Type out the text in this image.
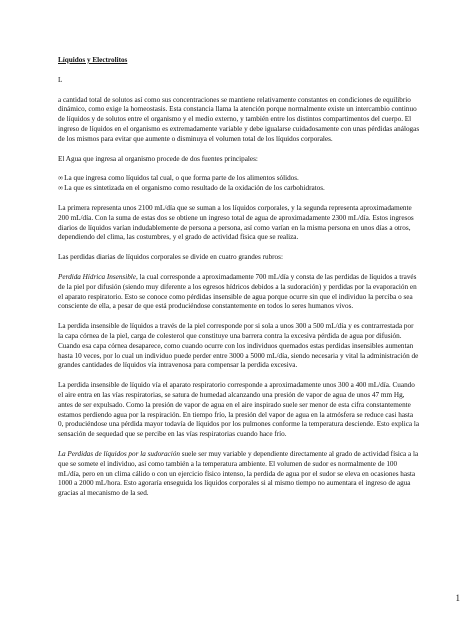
Líquidos y Electrolitos

L

a cantidad total de solutos así como sus concentraciones se mantiene relativamente constantes en condiciones de equilibrio dinámico, como exige la homeostasis. Esta constancia llama la atención porque normalmente existe un intercambio continuo de líquidos y de solutos entre el organismo y el medio externo, y también entre los distintos compartimentos del cuerpo. El ingreso de líquidos en el organismo es extremadamente variable y debe igualarse cuidadosamente con unas pérdidas análogas de los mismos para evitar que aumente o disminuya el volumen total de los líquidos corporales.

El Agua que ingresa al organismo procede de dos fuentes principales:

∞La que ingresa como líquidos tal cual, o que forma parte de los alimentos sólidos.
∞La que es sintetizada en el organismo como resultado de la oxidación de los carbohidratos.

La primera representa unos 2100 mL/día que se suman a los líquidos corporales, y la segunda representa aproximadamente 200 mL/día. Con la suma de estas dos se obtiene un ingreso total de agua de aproximadamente 2300 mL/día. Estos ingresos diarios de líquidos varían indudablemente de persona a persona, así como varían en la misma persona en unos días a otros, dependiendo del clima, las costumbres, y el grado de actividad física que se realiza.

Las perdidas diarias de líquidos corporales se divide en cuatro grandes rubros:

Perdida Hídrica Insensible, la cual corresponde a aproximadamente 700 mL/día y consta de las perdidas de líquidos a través de la piel por difusión (siendo muy diferente a los egresos hídricos debidos a la sudoración) y perdidas por la evaporación en el aparato respiratorio. Esto se conoce como pérdidas insensible de agua porque ocurre sin que el individuo la perciba o sea consciente de ella, a pesar de que está produciéndose constantemente en todos lo seres humanos vivos.

La perdida insensible de líquidos a través de la piel corresponde por si sola a unos 300 a 500 mL/día y es contrarrestada por la capa córnea de la piel, carga de colesterol que constituye una barrera contra la excesiva pérdida de agua por difusión. Cuando esa capa córnea desaparece, como cuando ocurre con los individuos quemados estas perdidas insensibles aumentan hasta 10 veces, por lo cual un individuo puede perder entre 3000 a 5000 mL/día, siendo necesaria y vital la administración de grandes cantidades de líquidos vía intravenosa para compensar la perdida excesiva.

La perdida insensible de líquido vía el aparato respiratorio corresponde a aproximadamente unos 300 a 400 mL/día. Cuando el aire entra en las vías respiratorias, se satura de humedad alcanzando una presión de vapor de agua de unos 47 mm Hg, antes de ser expulsado. Como la presión de vapor de agua en el aire inspirado suele ser menor de esta cifra constantemente estamos perdiendo agua por la respiración. En tiempo frío, la presión del vapor de agua en la atmósfera se reduce casi hasta 0, produciéndose una pérdida mayor todavía de líquidos por los pulmones conforme la temperatura desciende. Esto explica la sensación de sequedad que se percibe en las vías respiratorias cuando hace frío.

La Perdidas de líquidos por la sudoración suele ser muy variable y dependiente directamente al grado de actividad física a la que se somete el individuo, así como también a la temperatura ambiente. El volumen de sudor es normalmente de 100 mL/día, pero en un clima cálido o con un ejercicio físico intenso, la perdida de agua por el sudor se eleva en ocasiones hasta 1000 a 2000 mL/hora. Esto agoraría enseguida los líquidos corporales si al mismo tiempo no aumentara el ingreso de agua gracias al mecanismo de la sed.

1
